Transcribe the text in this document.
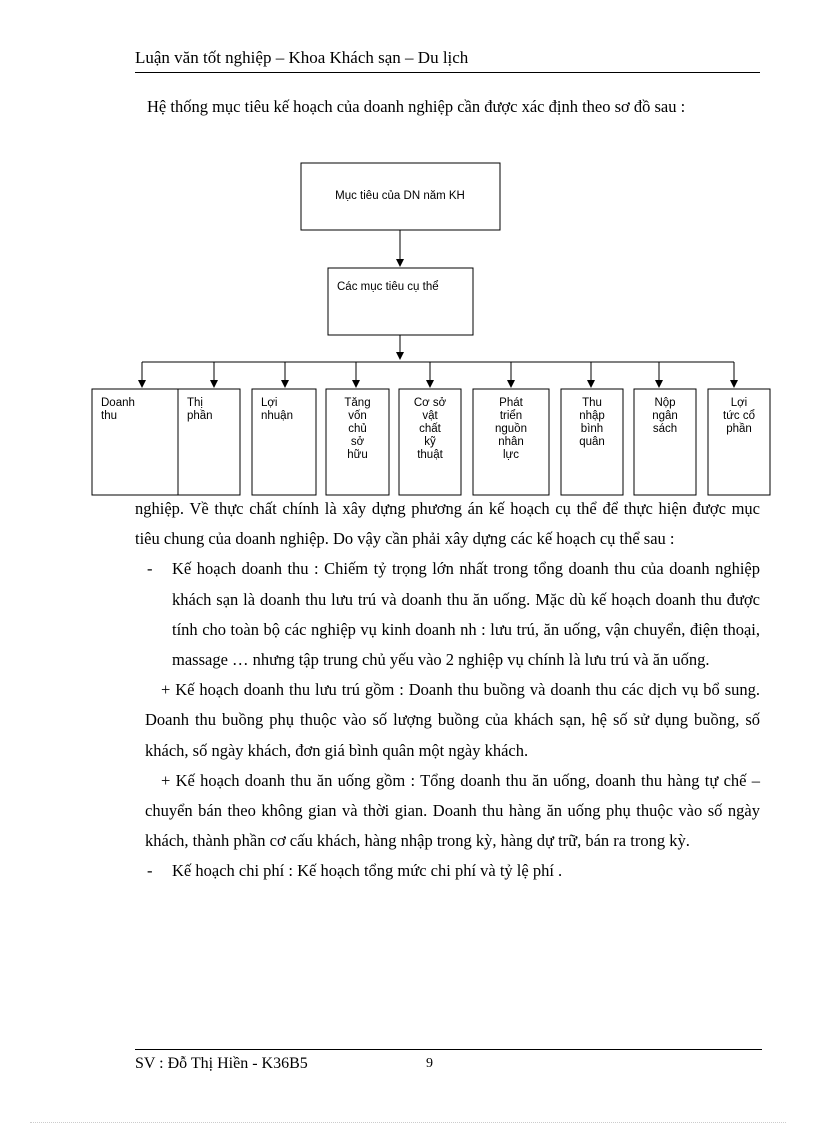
Luận văn tốt nghiệp – Khoa Khách sạn – Du lịch
Hệ thống mục tiêu kế hoạch của doanh nghiệp cần được xác định theo sơ đồ sau :
Mục tiêu của DN năm KH
Các mục tiêu cụ thể
Doanh thu
Thị phần
Lợi nhuận
Tăng vốn chủ sở hữu
Cơ sở vật chất kỹ thuật
Phát triển nguồn nhân lực
Thu nhập bình quân
Nộp ngân sách
Lợi tức cổ phần

nghiệp. Về thực chất chính là xây dựng phương án kế hoạch cụ thể để thực hiện được mục tiêu chung của doanh nghiệp. Do vậy cần phải xây dựng các kế hoạch cụ thể sau :

-	Kế hoạch doanh thu : Chiếm tỷ trọng lớn nhất trong tổng doanh thu của doanh nghiệp khách sạn là doanh thu lưu trú và doanh thu ăn uống. Mặc dù kế hoạch doanh thu được tính cho toàn bộ các nghiệp vụ kinh doanh nh : lưu trú, ăn uống, vận chuyển, điện thoại, massage … nhưng tập trung chủ yếu vào 2 nghiệp vụ chính là lưu trú và ăn uống.

+ Kế hoạch doanh thu lưu trú gồm : Doanh thu buồng và doanh thu các dịch vụ bổ sung. Doanh thu buồng phụ thuộc vào số lượng buồng của khách sạn, hệ số sử dụng buồng, số khách, số ngày khách, đơn giá bình quân một ngày khách.

+ Kế hoạch doanh thu ăn uống gồm : Tổng doanh thu ăn uống, doanh thu hàng tự chế – chuyển bán theo không gian và thời gian. Doanh thu hàng ăn uống phụ thuộc vào số ngày khách, thành phần cơ cấu khách, hàng nhập trong kỳ, hàng dự trữ, bán ra trong kỳ.

-	Kế hoạch chi phí : Kế hoạch tổng mức chi phí và tỷ lệ phí .
SV : Đỗ Thị Hiền - K36B5	9
